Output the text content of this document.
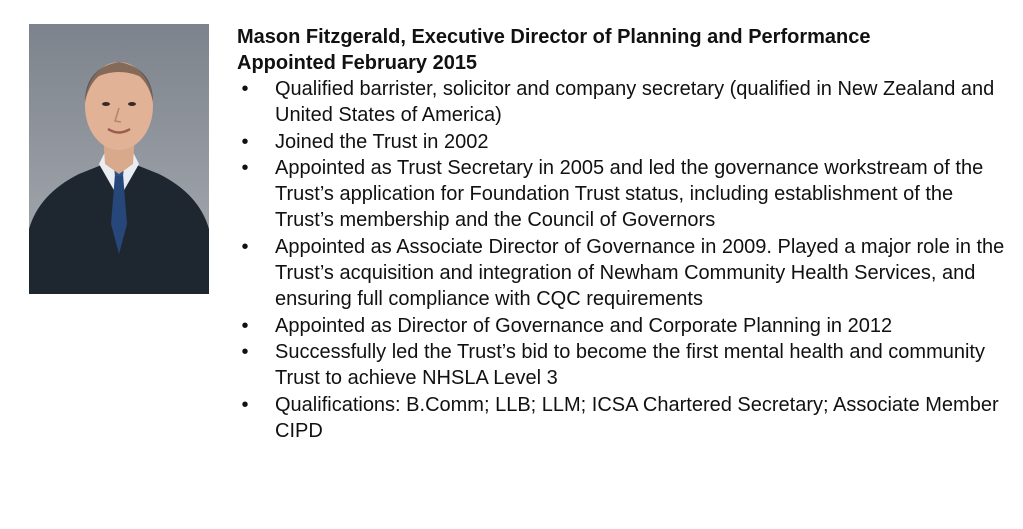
Mason Fitzgerald, Executive Director of Planning and Performance

Appointed February 2015

• Qualified barrister, solicitor and company secretary (qualified in New Zealand and United States of America)
• Joined the Trust in 2002
• Appointed as Trust Secretary in 2005 and led the governance workstream of the Trust’s application for Foundation Trust status, including establishment of the Trust’s membership and the Council of Governors
• Appointed as Associate Director of Governance in 2009. Played a major role in the Trust’s acquisition and integration of Newham Community Health Services, and ensuring full compliance with CQC requirements
• Appointed as Director of Governance and Corporate Planning in 2012
• Successfully led the Trust’s bid to become the first mental health and community Trust to achieve NHSLA Level 3
• Qualifications: B.Comm; LLB; LLM; ICSA Chartered Secretary; Associate Member CIPD
